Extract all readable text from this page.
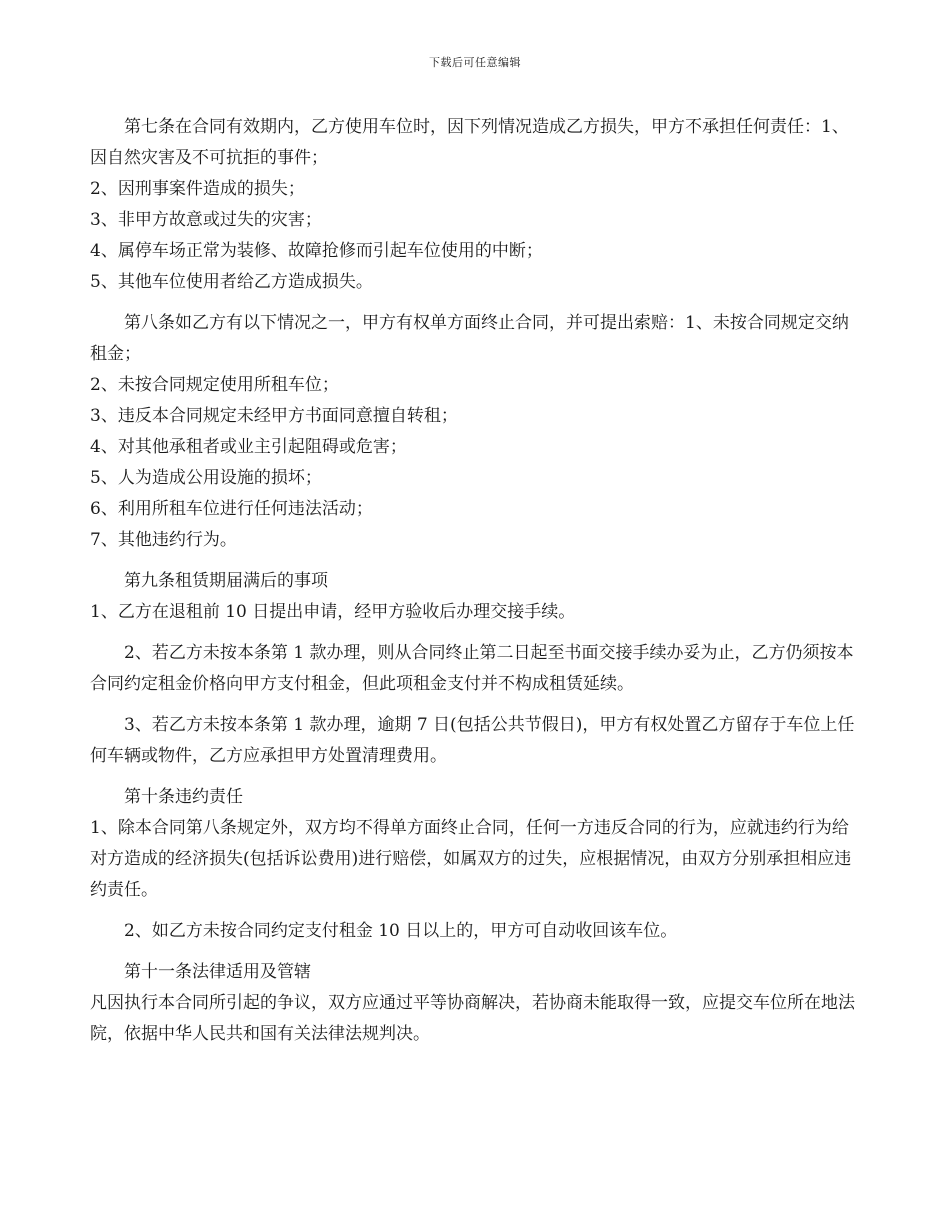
下载后可任意编辑

第七条在合同有效期内，乙方使用车位时，因下列情况造成乙方损失，甲方不承担任何责任：1、因自然灾害及不可抗拒的事件；

2、因刑事案件造成的损失；

3、非甲方故意或过失的灾害；

4、属停车场正常为装修、故障抢修而引起车位使用的中断；

5、其他车位使用者给乙方造成损失。

第八条如乙方有以下情况之一，甲方有权单方面终止合同，并可提出索赔：1、未按合同规定交纳租金；

2、未按合同规定使用所租车位；

3、违反本合同规定未经甲方书面同意擅自转租；

4、对其他承租者或业主引起阻碍或危害；

5、人为造成公用设施的损坏；

6、利用所租车位进行任何违法活动；

7、其他违约行为。

第九条租赁期届满后的事项

1、乙方在退租前 10 日提出申请，经甲方验收后办理交接手续。

2、若乙方未按本条第 1 款办理，则从合同终止第二日起至书面交接手续办妥为止，乙方仍须按本合同约定租金价格向甲方支付租金，但此项租金支付并不构成租赁延续。

3、若乙方未按本条第 1 款办理，逾期 7 日(包括公共节假日)，甲方有权处置乙方留存于车位上任何车辆或物件，乙方应承担甲方处置清理费用。

第十条违约责任

1、除本合同第八条规定外，双方均不得单方面终止合同，任何一方违反合同的行为，应就违约行为给对方造成的经济损失(包括诉讼费用)进行赔偿，如属双方的过失，应根据情况，由双方分别承担相应违约责任。

2、如乙方未按合同约定支付租金 10 日以上的，甲方可自动收回该车位。

第十一条法律适用及管辖

凡因执行本合同所引起的争议，双方应通过平等协商解决，若协商未能取得一致，应提交车位所在地法院，依据中华人民共和国有关法律法规判决。
